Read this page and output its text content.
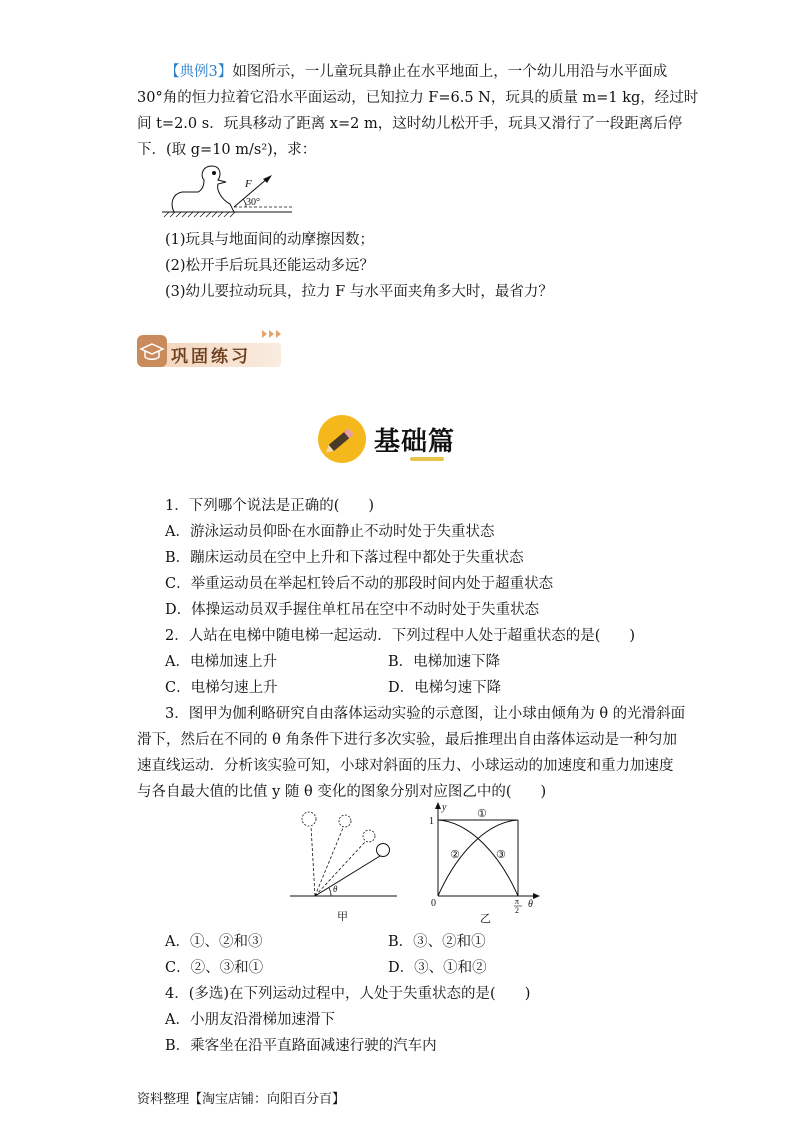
【典例3】如图所示，一儿童玩具静止在水平地面上，一个幼儿用沿与水平面成
30°角的恒力拉着它沿水平面运动，已知拉力 F=6.5 N，玩具的质量 m=1 kg，经过时
间 t=2.0 s．玩具移动了距离 x=2 m，这时幼儿松开手，玩具又滑行了一段距离后停
下．(取 g=10 m/s²)，求：
F
30°
(1)玩具与地面间的动摩擦因数；
(2)松开手后玩具还能运动多远？
(3)幼儿要拉动玩具，拉力 F 与水平面夹角多大时，最省力？
巩固练习
基础篇
1．下列哪个说法是正确的(　　)
A．游泳运动员仰卧在水面静止不动时处于失重状态
B．蹦床运动员在空中上升和下落过程中都处于失重状态
C．举重运动员在举起杠铃后不动的那段时间内处于超重状态
D．体操运动员双手握住单杠吊在空中不动时处于失重状态
2．人站在电梯中随电梯一起运动．下列过程中人处于超重状态的是(　　)
A．电梯加速上升	B．电梯加速下降
C．电梯匀速上升	D．电梯匀速下降
3．图甲为伽利略研究自由落体运动实验的示意图，让小球由倾角为 θ 的光滑斜面
滑下，然后在不同的 θ 角条件下进行多次实验，最后推理出自由落体运动是一种匀加
速直线运动．分析该实验可知，小球对斜面的压力、小球运动的加速度和重力加速度
与各自最大值的比值 y 随 θ 变化的图象分别对应图乙中的(　　)
θ
甲
y
1
0	π
2
θ
①
②	③
乙
A．①、②和③	B．③、②和①
C．②、③和①	D．③、①和②
4．(多选)在下列运动过程中，人处于失重状态的是(　　)
A．小朋友沿滑梯加速滑下
B．乘客坐在沿平直路面减速行驶的汽车内
资料整理【淘宝店铺：向阳百分百】
